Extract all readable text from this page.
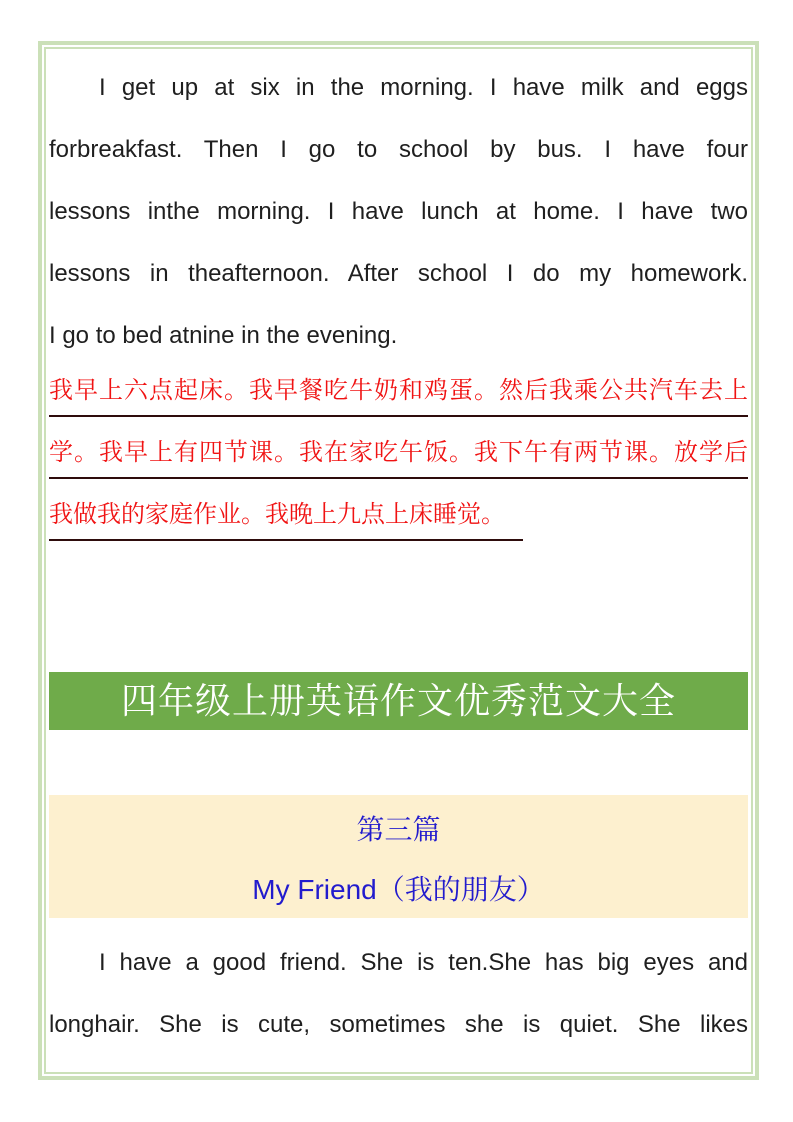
I get up at six in the morning. I have milk and eggs
forbreakfast. Then I go to school by bus. I have four
lessons inthe morning. I have lunch at home. I have two
lessons in theafternoon. After school I do my homework.
I go to bed atnine in the evening.
我早上六点起床。我早餐吃牛奶和鸡蛋。然后我乘公共汽车去上
学。我早上有四节课。我在家吃午饭。我下午有两节课。放学后
我做我的家庭作业。我晚上九点上床睡觉。
四年级上册英语作文优秀范文大全
第三篇
My Friend（我的朋友）
I have a good friend. She is ten.She has big eyes and
longhair. She is cute, sometimes she is quiet. She likes
